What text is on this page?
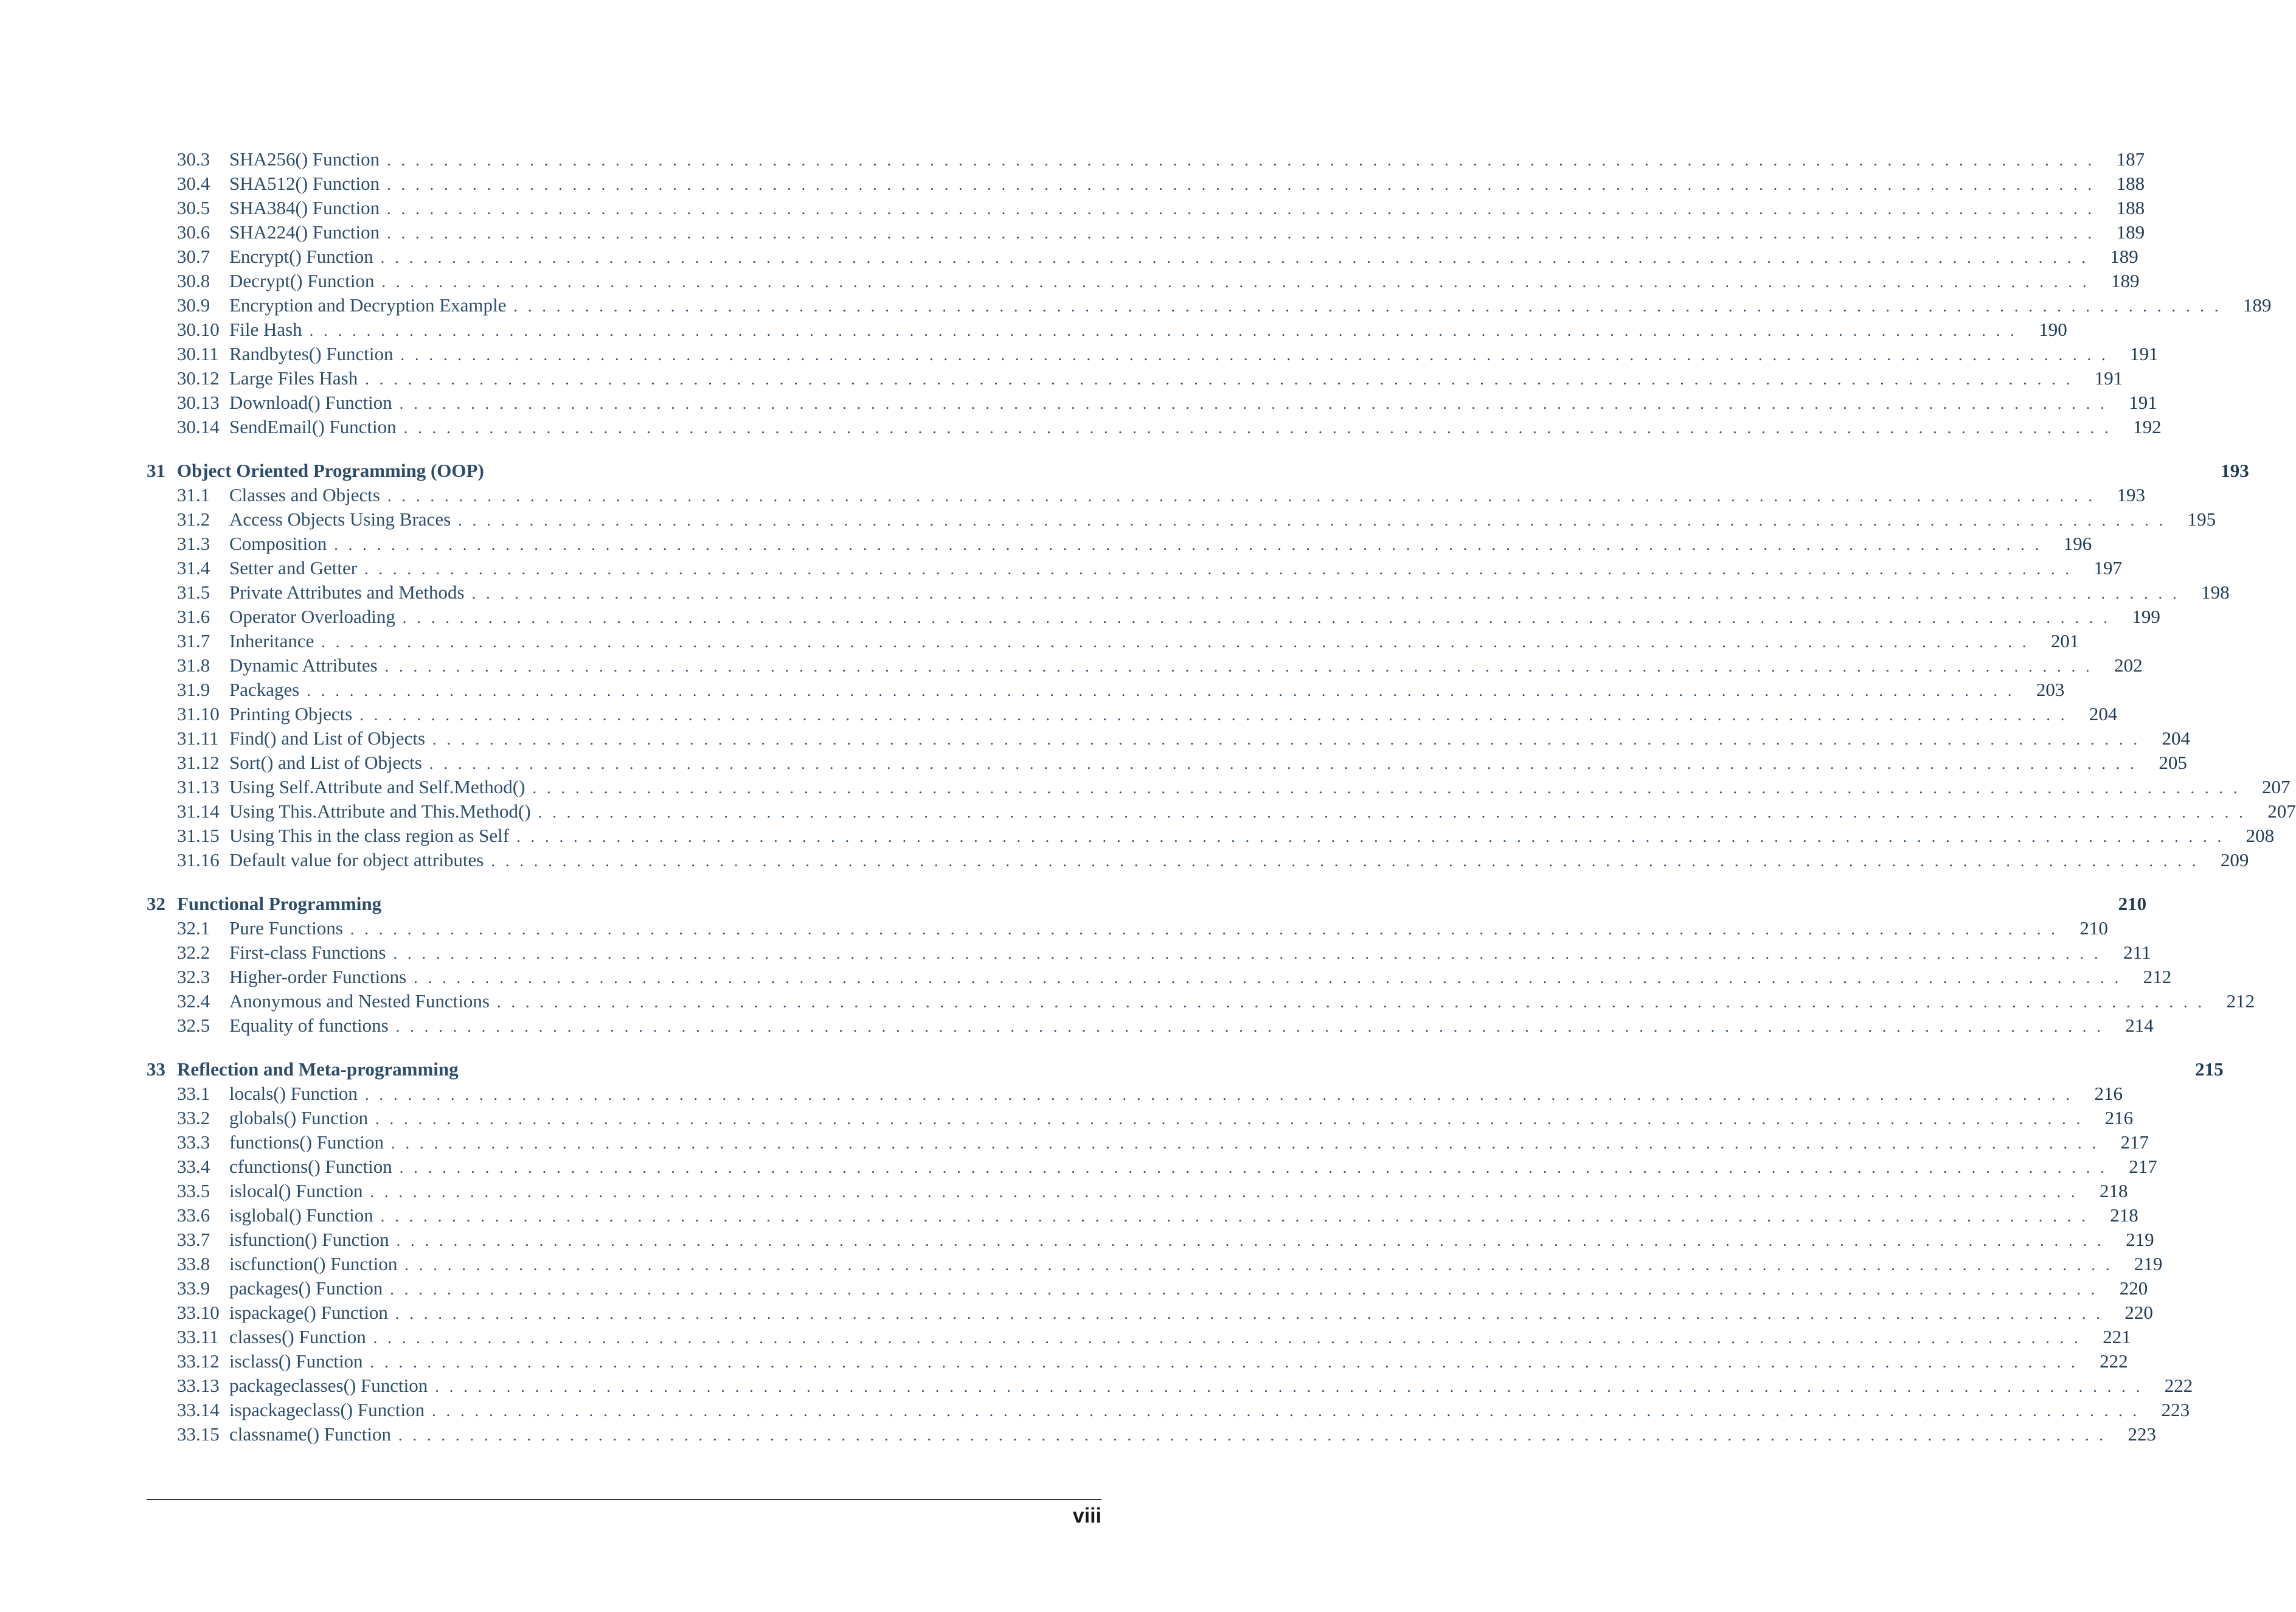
30.3	SHA256() Function ........................................................................................................................ 187
30.4	SHA512() Function ........................................................................................................................ 188
30.5	SHA384() Function ........................................................................................................................ 188
30.6	SHA224() Function ........................................................................................................................ 189
30.7	Encrypt() Function ........................................................................................................................ 189
30.8	Decrypt() Function ........................................................................................................................ 189
30.9	Encryption and Decryption Example ........................................................................................................................ 189
30.10 File Hash ........................................................................................................................ 190
30.11 Randbytes() Function ........................................................................................................................ 191
30.12 Large Files Hash ........................................................................................................................ 191
30.13 Download() Function ........................................................................................................................ 191
30.14 SendEmail() Function ........................................................................................................................ 192
31 Object Oriented Programming (OOP)	193
31.1	Classes and Objects ........................................................................................................................ 193
31.2	Access Objects Using Braces ........................................................................................................................ 195
31.3	Composition ........................................................................................................................ 196
31.4	Setter and Getter ........................................................................................................................ 197
31.5	Private Attributes and Methods ........................................................................................................................ 198
31.6	Operator Overloading ........................................................................................................................ 199
31.7	Inheritance ........................................................................................................................ 201
31.8	Dynamic Attributes ........................................................................................................................ 202
31.9	Packages ........................................................................................................................ 203
31.10 Printing Objects ........................................................................................................................ 204
31.11 Find() and List of Objects ........................................................................................................................ 204
31.12 Sort() and List of Objects ........................................................................................................................ 205
31.13 Using Self.Attribute and Self.Method() ........................................................................................................................ 207
31.14 Using This.Attribute and This.Method() ........................................................................................................................ 207
31.15 Using This in the class region as Self ........................................................................................................................ 208
31.16 Default value for object attributes ........................................................................................................................ 209
32 Functional Programming	210
32.1	Pure Functions ........................................................................................................................ 210
32.2	First-class Functions ........................................................................................................................ 211
32.3	Higher-order Functions ........................................................................................................................ 212
32.4	Anonymous and Nested Functions ........................................................................................................................ 212
32.5	Equality of functions ........................................................................................................................ 214
33 Reflection and Meta-programming	215
33.1	locals() Function ........................................................................................................................ 216
33.2	globals() Function ........................................................................................................................ 216
33.3	functions() Function ........................................................................................................................ 217
33.4	cfunctions() Function ........................................................................................................................ 217
33.5	islocal() Function ........................................................................................................................ 218
33.6	isglobal() Function ........................................................................................................................ 218
33.7	isfunction() Function ........................................................................................................................ 219
33.8	iscfunction() Function ........................................................................................................................ 219
33.9	packages() Function ........................................................................................................................ 220
33.10 ispackage() Function ........................................................................................................................ 220
33.11 classes() Function ........................................................................................................................ 221
33.12 isclass() Function ........................................................................................................................ 222
33.13 packageclasses() Function ........................................................................................................................ 222
33.14 ispackageclass() Function ........................................................................................................................ 223
33.15 classname() Function ........................................................................................................................ 223
viii
